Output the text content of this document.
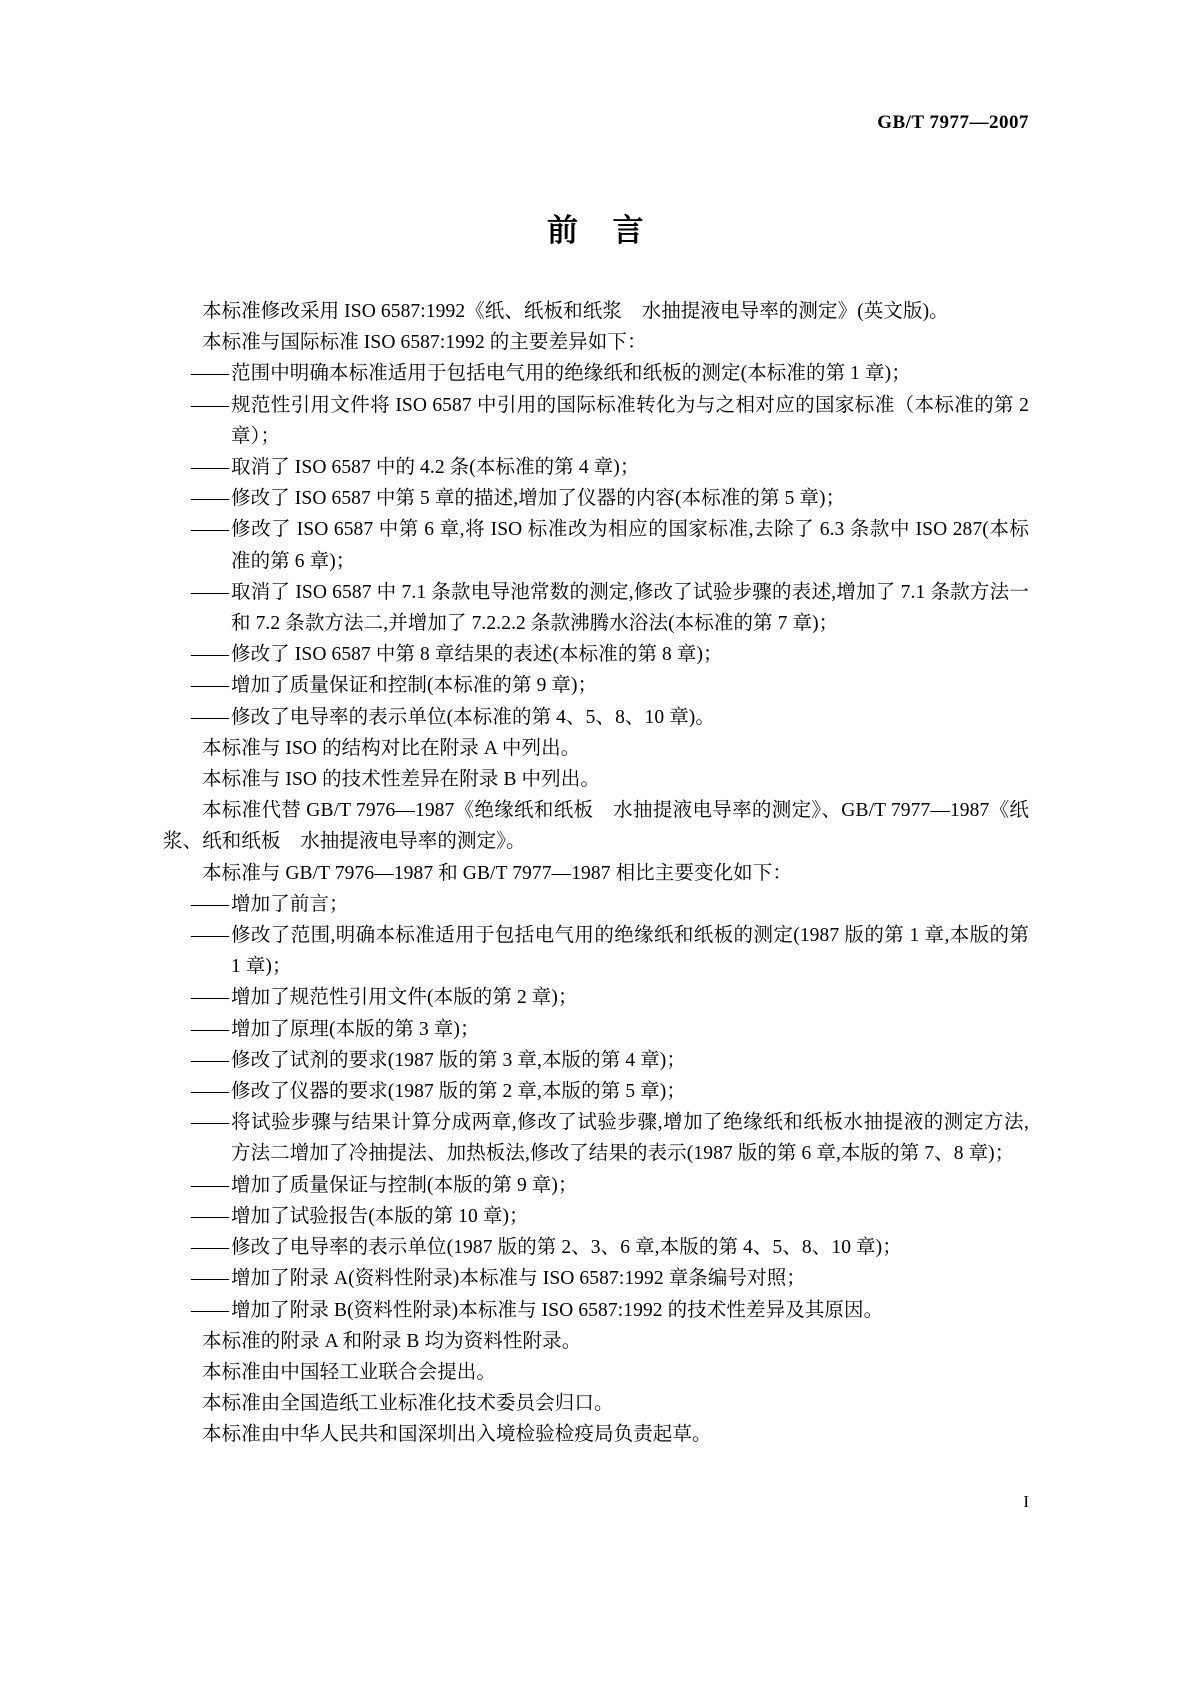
GB/T 7977—2007
前 言

本标准修改采用 ISO 6587:1992《纸、纸板和纸浆　水抽提液电导率的测定》(英文版)。

本标准与国际标准 ISO 6587:1992 的主要差异如下：

—— 范围中明确本标准适用于包括电气用的绝缘纸和纸板的测定(本标准的第 1 章)；

—— 规范性引用文件将 ISO 6587 中引用的国际标准转化为与之相对应的国家标准（本标准的第 2 章）；

—— 取消了 ISO 6587 中的 4.2 条(本标准的第 4 章)；

—— 修改了 ISO 6587 中第 5 章的描述,增加了仪器的内容(本标准的第 5 章)；

—— 修改了 ISO 6587 中第 6 章,将 ISO 标准改为相应的国家标准,去除了 6.3 条款中 ISO 287(本标准的第 6 章)；

—— 取消了 ISO 6587 中 7.1 条款电导池常数的测定,修改了试验步骤的表述,增加了 7.1 条款方法一和 7.2 条款方法二,并增加了 7.2.2.2 条款沸腾水浴法(本标准的第 7 章)；

—— 修改了 ISO 6587 中第 8 章结果的表述(本标准的第 8 章)；

—— 增加了质量保证和控制(本标准的第 9 章)；

—— 修改了电导率的表示单位(本标准的第 4、5、8、10 章)。

本标准与 ISO 的结构对比在附录 A 中列出。

本标准与 ISO 的技术性差异在附录 B 中列出。

本标准代替 GB/T 7976—1987《绝缘纸和纸板　水抽提液电导率的测定》、GB/T 7977—1987《纸浆、纸和纸板　水抽提液电导率的测定》。

本标准与 GB/T 7976—1987 和 GB/T 7977—1987 相比主要变化如下：

—— 增加了前言；

—— 修改了范围,明确本标准适用于包括电气用的绝缘纸和纸板的测定(1987 版的第 1 章,本版的第 1 章)；

—— 增加了规范性引用文件(本版的第 2 章)；

—— 增加了原理(本版的第 3 章)；

—— 修改了试剂的要求(1987 版的第 3 章,本版的第 4 章)；

—— 修改了仪器的要求(1987 版的第 2 章,本版的第 5 章)；

—— 将试验步骤与结果计算分成两章,修改了试验步骤,增加了绝缘纸和纸板水抽提液的测定方法,方法二增加了冷抽提法、加热板法,修改了结果的表示(1987 版的第 6 章,本版的第 7、8 章)；

—— 增加了质量保证与控制(本版的第 9 章)；

—— 增加了试验报告(本版的第 10 章)；

—— 修改了电导率的表示单位(1987 版的第 2、3、6 章,本版的第 4、5、8、10 章)；

—— 增加了附录 A(资料性附录)本标准与 ISO 6587:1992 章条编号对照；

—— 增加了附录 B(资料性附录)本标准与 ISO 6587:1992 的技术性差异及其原因。

本标准的附录 A 和附录 B 均为资料性附录。

本标准由中国轻工业联合会提出。

本标准由全国造纸工业标准化技术委员会归口。

本标准由中华人民共和国深圳出入境检验检疫局负责起草。

I
